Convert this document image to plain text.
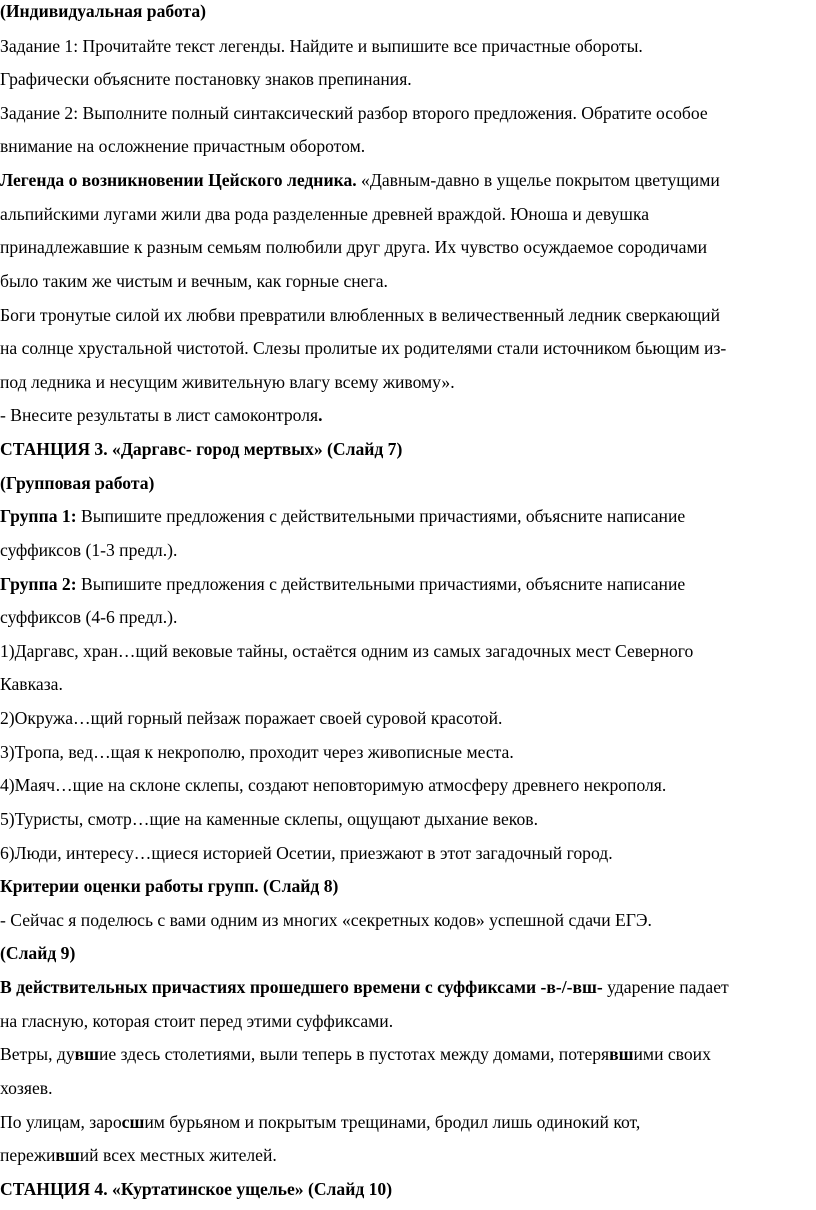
(Индивидуальная работа)
Задание 1: Прочитайте текст легенды. Найдите и выпишите все причастные обороты.
Графически объясните постановку знаков препинания.
Задание 2: Выполните полный синтаксический разбор второго предложения. Обратите особое
внимание на осложнение причастным оборотом.
Легенда о возникновении Цейского ледника. «Давным-давно в ущелье покрытом цветущими
альпийскими лугами жили два рода разделенные древней враждой. Юноша и девушка
принадлежавшие к разным семьям полюбили друг друга. Их чувство осуждаемое сородичами
было таким же чистым и вечным, как горные снега.
Боги тронутые силой их любви превратили влюбленных в величественный ледник сверкающий
на солнце хрустальной чистотой. Слезы пролитые их родителями стали источником бьющим из-
под ледника и несущим живительную влагу всему живому».
- Внесите результаты в лист самоконтроля.
СТАНЦИЯ 3. «Даргавс- город мертвых» (Слайд 7)
(Групповая работа)
Группа 1: Выпишите предложения с действительными причастиями, объясните написание
суффиксов (1-3 предл.).
Группа 2: Выпишите предложения с действительными причастиями, объясните написание
суффиксов (4-6 предл.).
1)Даргавс, хран…щий вековые тайны, остаётся одним из самых загадочных мест Северного
Кавказа.
2)Окружа…щий горный пейзаж поражает своей суровой красотой.
3)Тропа, вед…щая к некрополю, проходит через живописные места.
4)Маяч…щие на склоне склепы, создают неповторимую атмосферу древнего некрополя.
5)Туристы, смотр…щие на каменные склепы, ощущают дыхание веков.
6)Люди, интересу…щиеся историей Осетии, приезжают в этот загадочный город.
Критерии оценки работы групп. (Слайд 8)
- Сейчас я поделюсь с вами одним из многих «секретных кодов» успешной сдачи ЕГЭ.
(Слайд 9)
В действительных причастиях прошедшего времени с суффиксами -в-/-вш- ударение падает
на гласную, которая стоит перед этими суффиксами.
Ветры, дувшие здесь столетиями, выли теперь в пустотах между домами, потерявшими своих
хозяев.
По улицам, заросшим бурьяном и покрытым трещинами, бродил лишь одинокий кот,
переживший всех местных жителей.
СТАНЦИЯ 4. «Куртатинское ущелье» (Слайд 10)
